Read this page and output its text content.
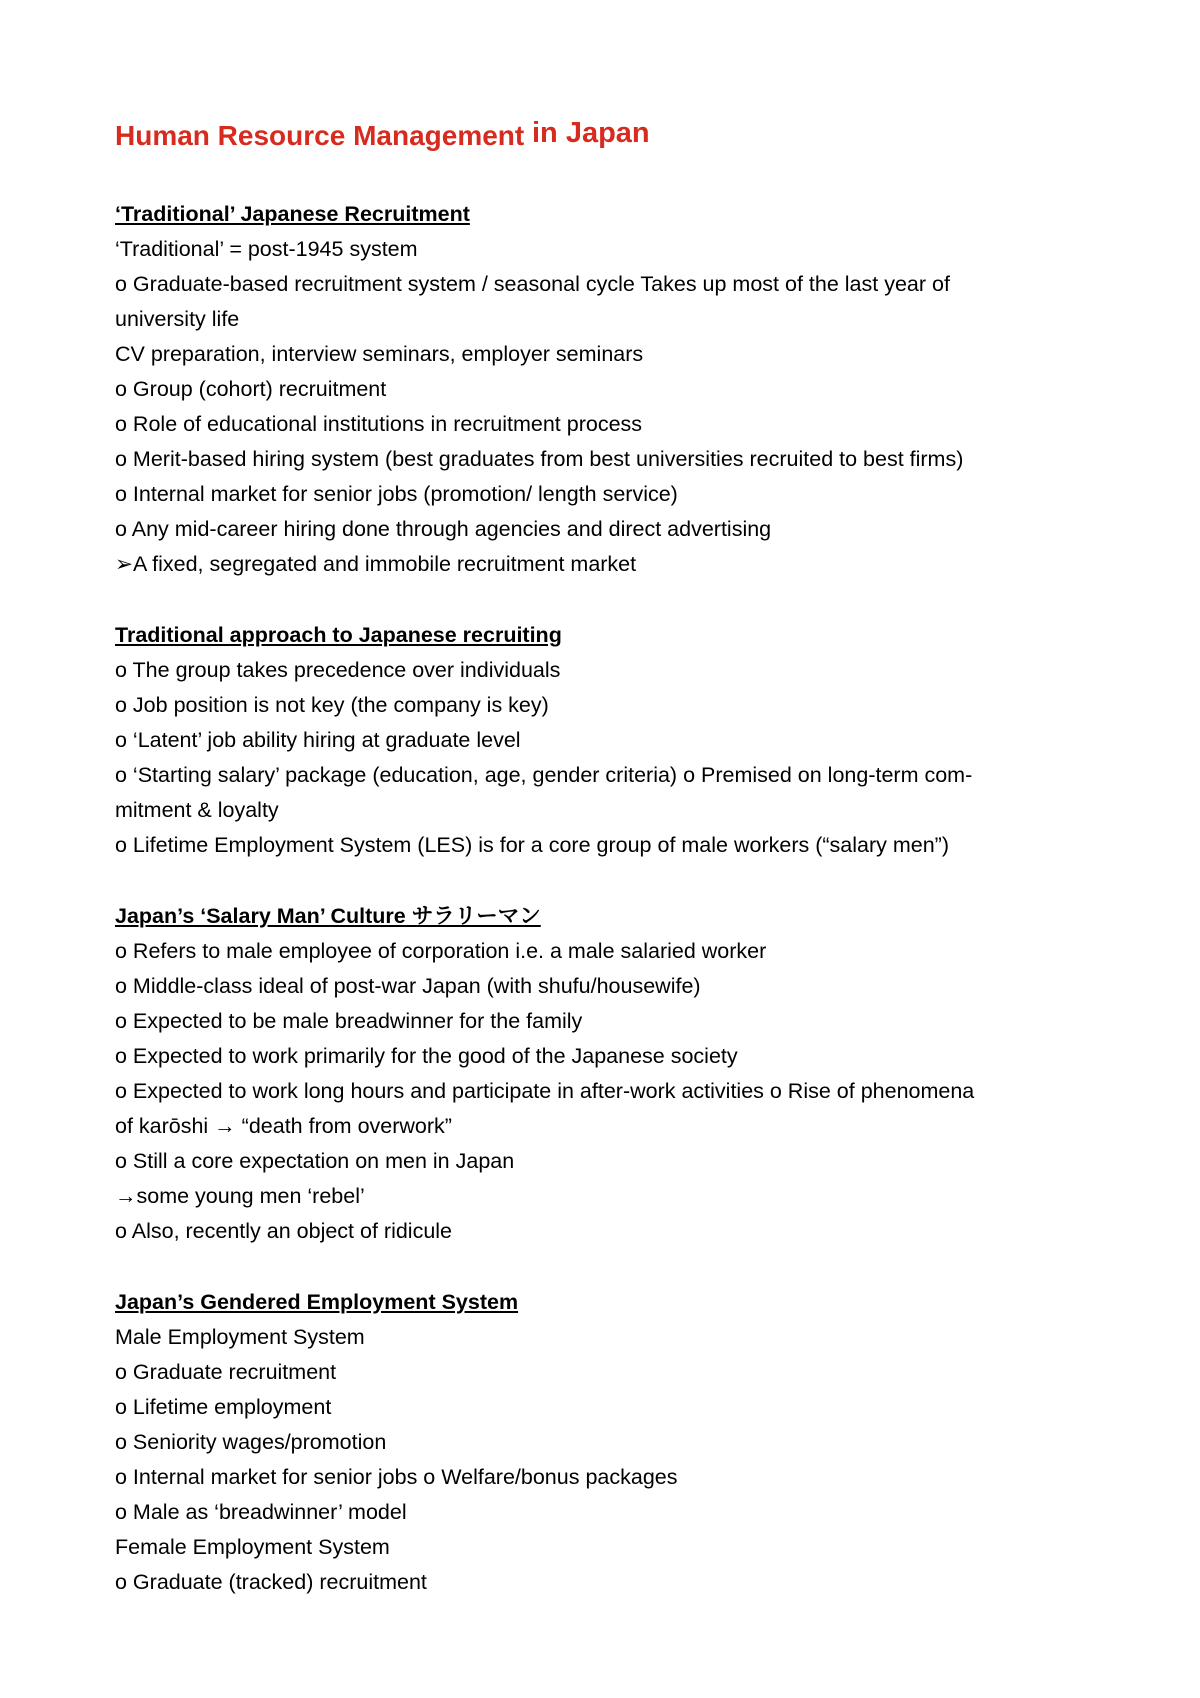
Human Resource Management in Japan
‘Traditional’ Japanese Recruitment
‘Traditional’ = post-1945 system
o Graduate-based recruitment system / seasonal cycle Takes up most of the last year of
university life
CV preparation, interview seminars, employer seminars
o Group (cohort) recruitment
o Role of educational institutions in recruitment process
o Merit-based hiring system (best graduates from best universities recruited to best firms)
o Internal market for senior jobs (promotion/ length service)
o Any mid-career hiring done through agencies and direct advertising
➢A fixed, segregated and immobile recruitment market
Traditional approach to Japanese recruiting
o The group takes precedence over individuals
o Job position is not key (the company is key)
o ‘Latent’ job ability hiring at graduate level
o ‘Starting salary’ package (education, age, gender criteria) o Premised on long-term com-
mitment & loyalty
o Lifetime Employment System (LES) is for a core group of male workers (“salary men”)
Japan’s ‘Salary Man’ Culture サラリーマン
o Refers to male employee of corporation i.e. a male salaried worker
o Middle-class ideal of post-war Japan (with shufu/housewife)
o Expected to be male breadwinner for the family
o Expected to work primarily for the good of the Japanese society
o Expected to work long hours and participate in after-work activities o Rise of phenomena
of karōshi → “death from overwork”
o Still a core expectation on men in Japan
→some young men ‘rebel’
o Also, recently an object of ridicule
Japan’s Gendered Employment System
Male Employment System
o Graduate recruitment
o Lifetime employment
o Seniority wages/promotion
o Internal market for senior jobs o Welfare/bonus packages
o Male as ‘breadwinner’ model
Female Employment System
o Graduate (tracked) recruitment
